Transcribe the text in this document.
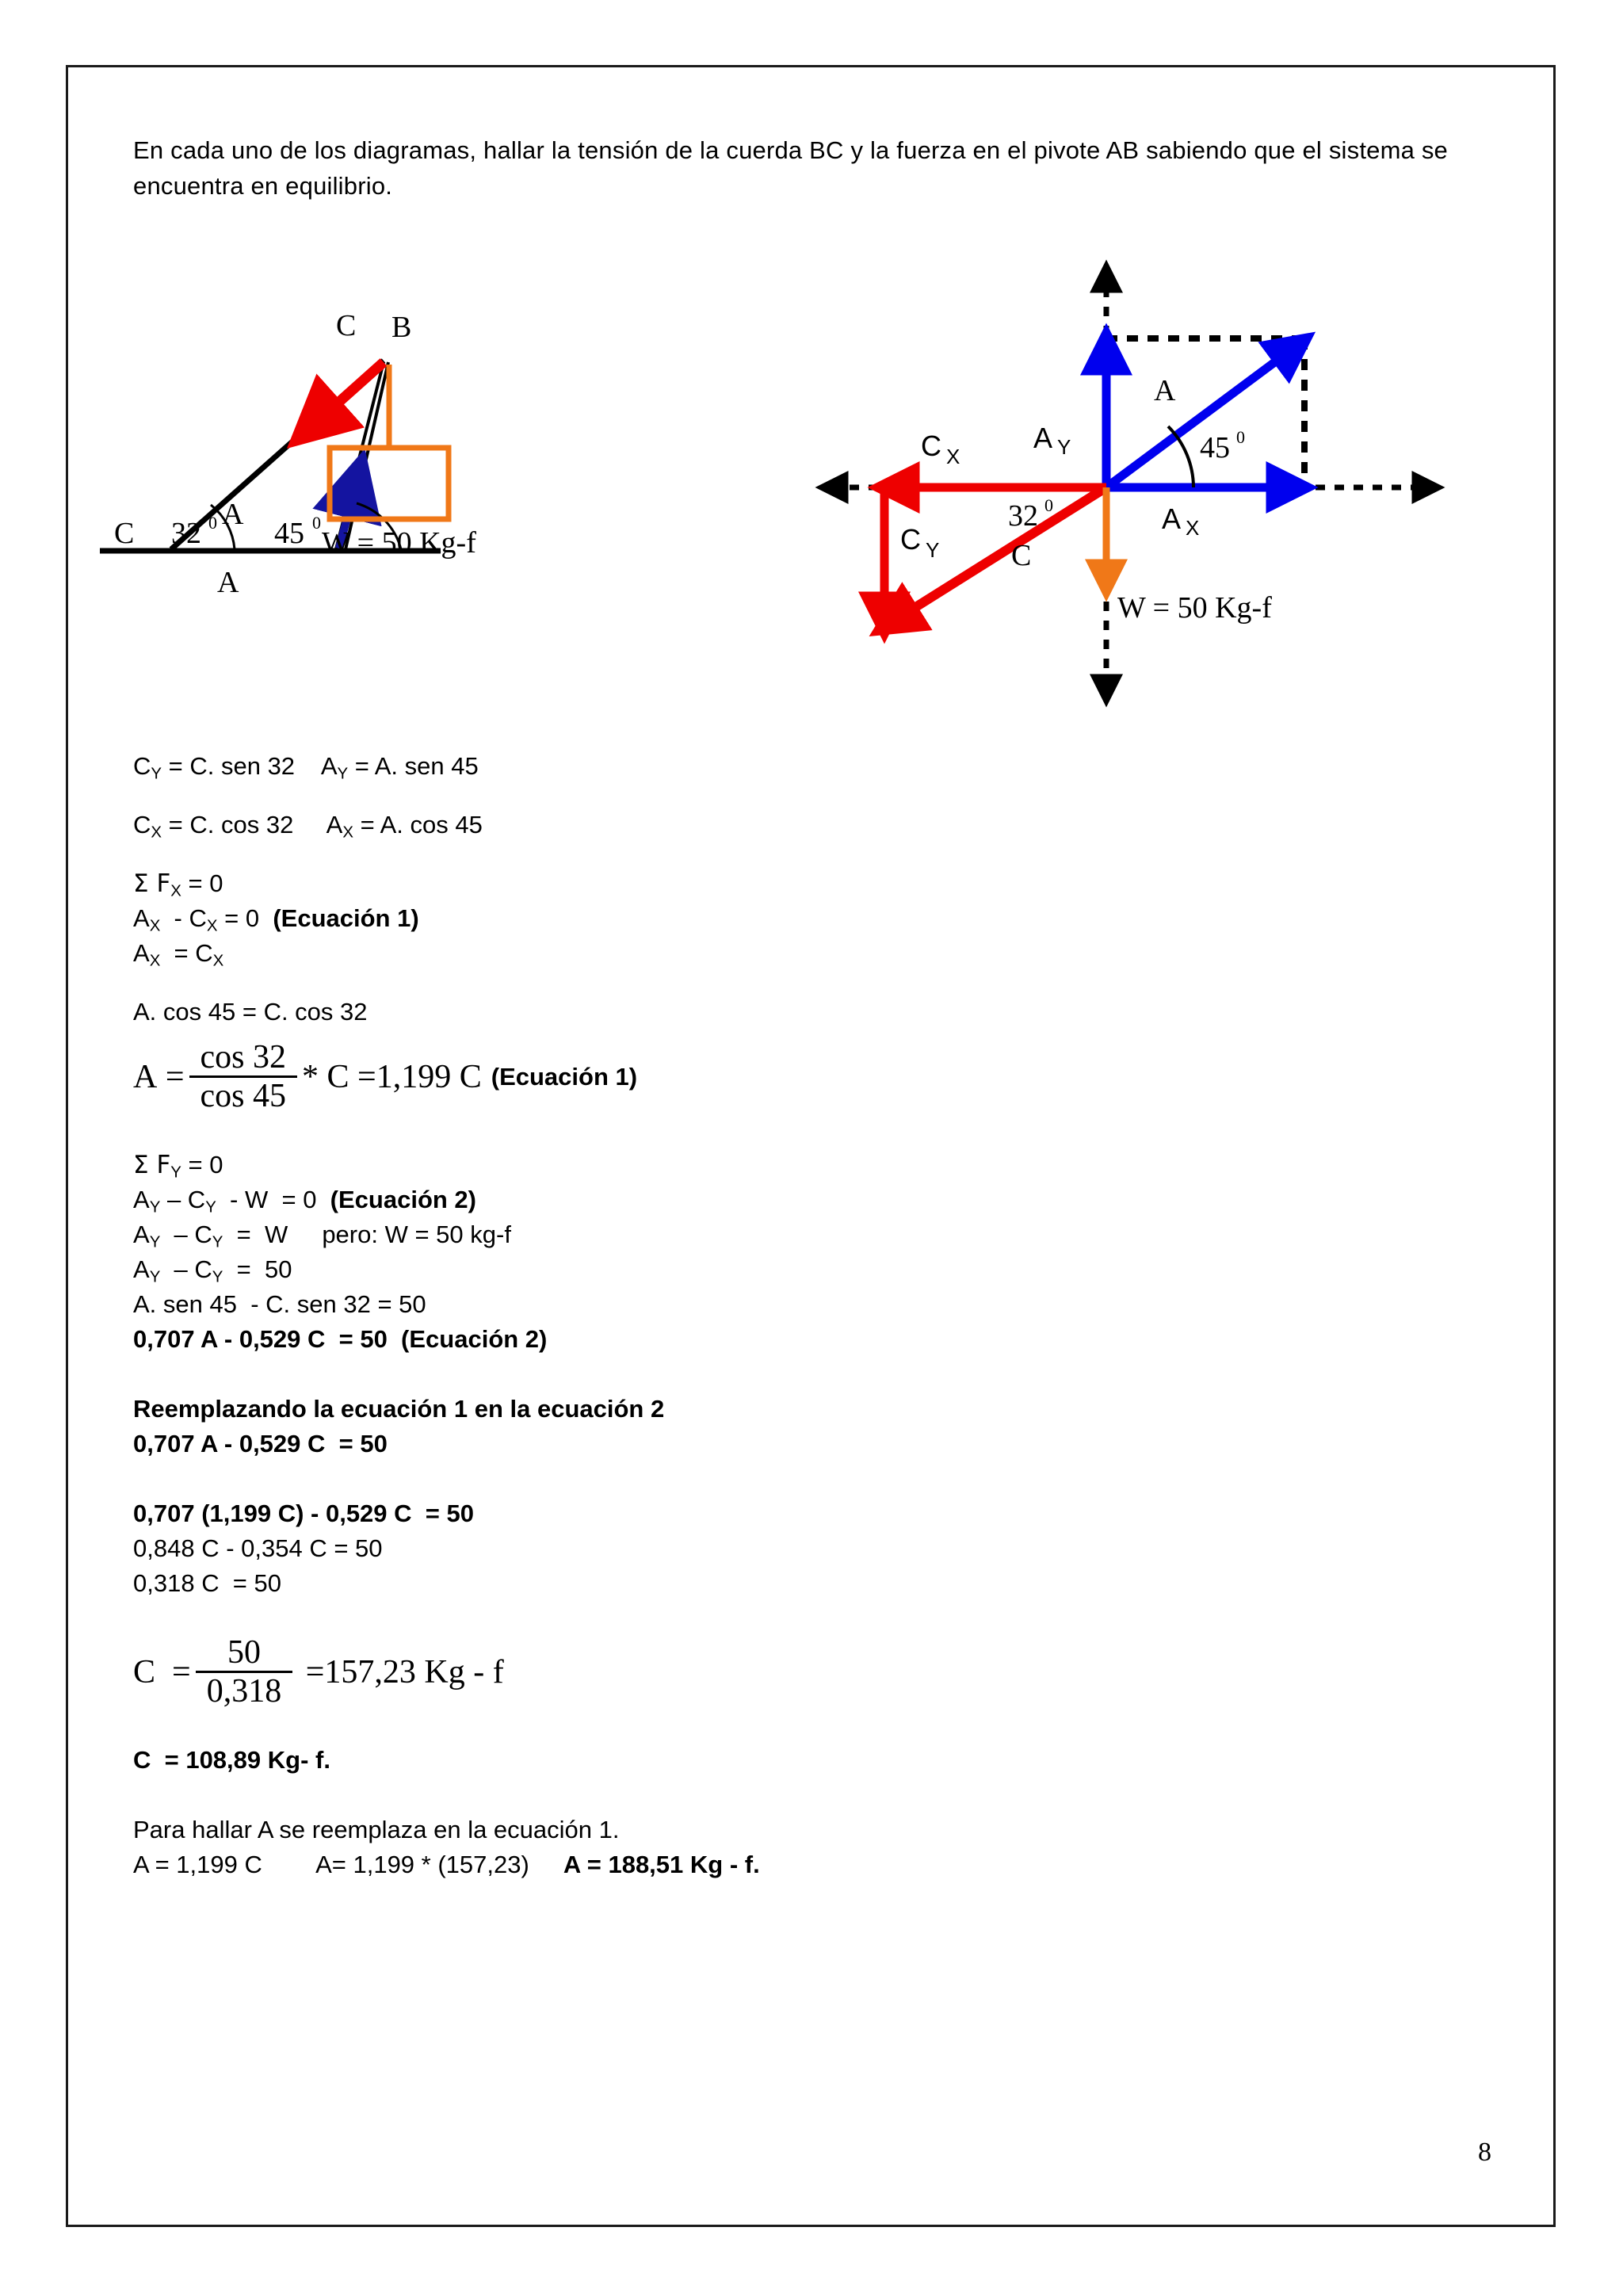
En cada uno de los diagramas, hallar la tensión de la cuerda BC y la fuerza en el pivote AB sabiendo que el sistema se encuentra en equilibrio.
B
C
C
A
A
32 0 45 0
W = 50 Kg-f
A
A Y
A X
C X
C Y C
45 0
32 0
W = 50 Kg-f
$C_Y = C$. sen 32 $A_Y = A$. sen 45
$C_X = C$. cos 32 $A_X = A$. cos 45
Σ $F_X = 0$
$A_X - C_X = 0$  (Ecuación 1)
$A_X = C_X$
A. cos 45 = C. cos 32
A
= $\frac{\cos 32}{\cos 45}$ * C
= 1,199
C (Ecuación 1)
Σ $F_Y = 0$
$A_Y - C_Y - W = 0$  (Ecuación 2)
$A_Y - C_Y = W$     pero: W = 50 kg-f
$A_Y - C_Y = 50$
A. sen 45  - C. sen 32 = 50
0,707 A - 0,529 C  = 50  (Ecuación 2)
Reemplazando la ecuación 1 en la ecuación 2
0,707 A - 0,529 C  = 50
0,707 (1,199 C) - 0,529 C  = 50
0,848 C - 0,354 C = 50
0,318 C  = 50
C
= $\frac{50}{0,318}$
= 157,23
Kg - f
C  = 108,89 Kg- f.
Para hallar A se reemplaza en la ecuación 1.
A = 1,199 C A= 1,199 * (157,23) A = 188,51 Kg - f.
8
